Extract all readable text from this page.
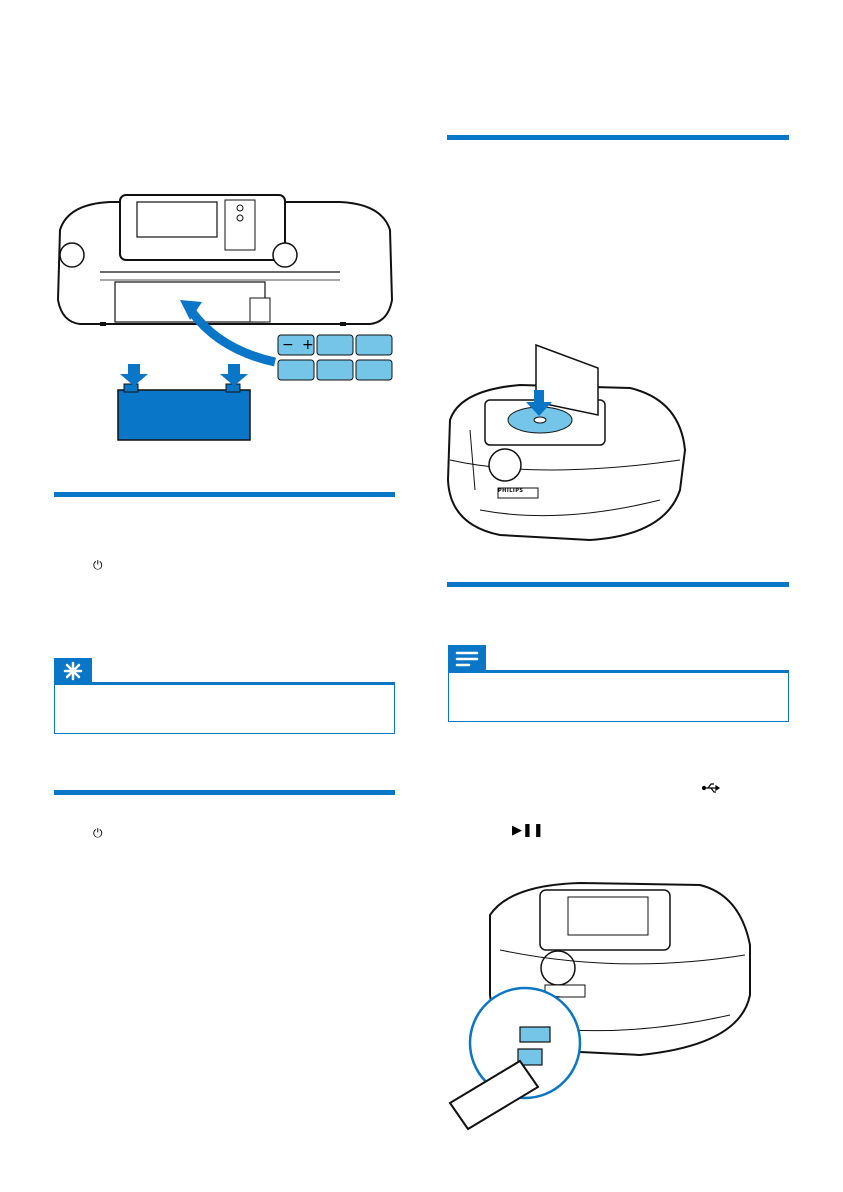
+
−
⏻
⏻
PHILIPS
▶❚❚
